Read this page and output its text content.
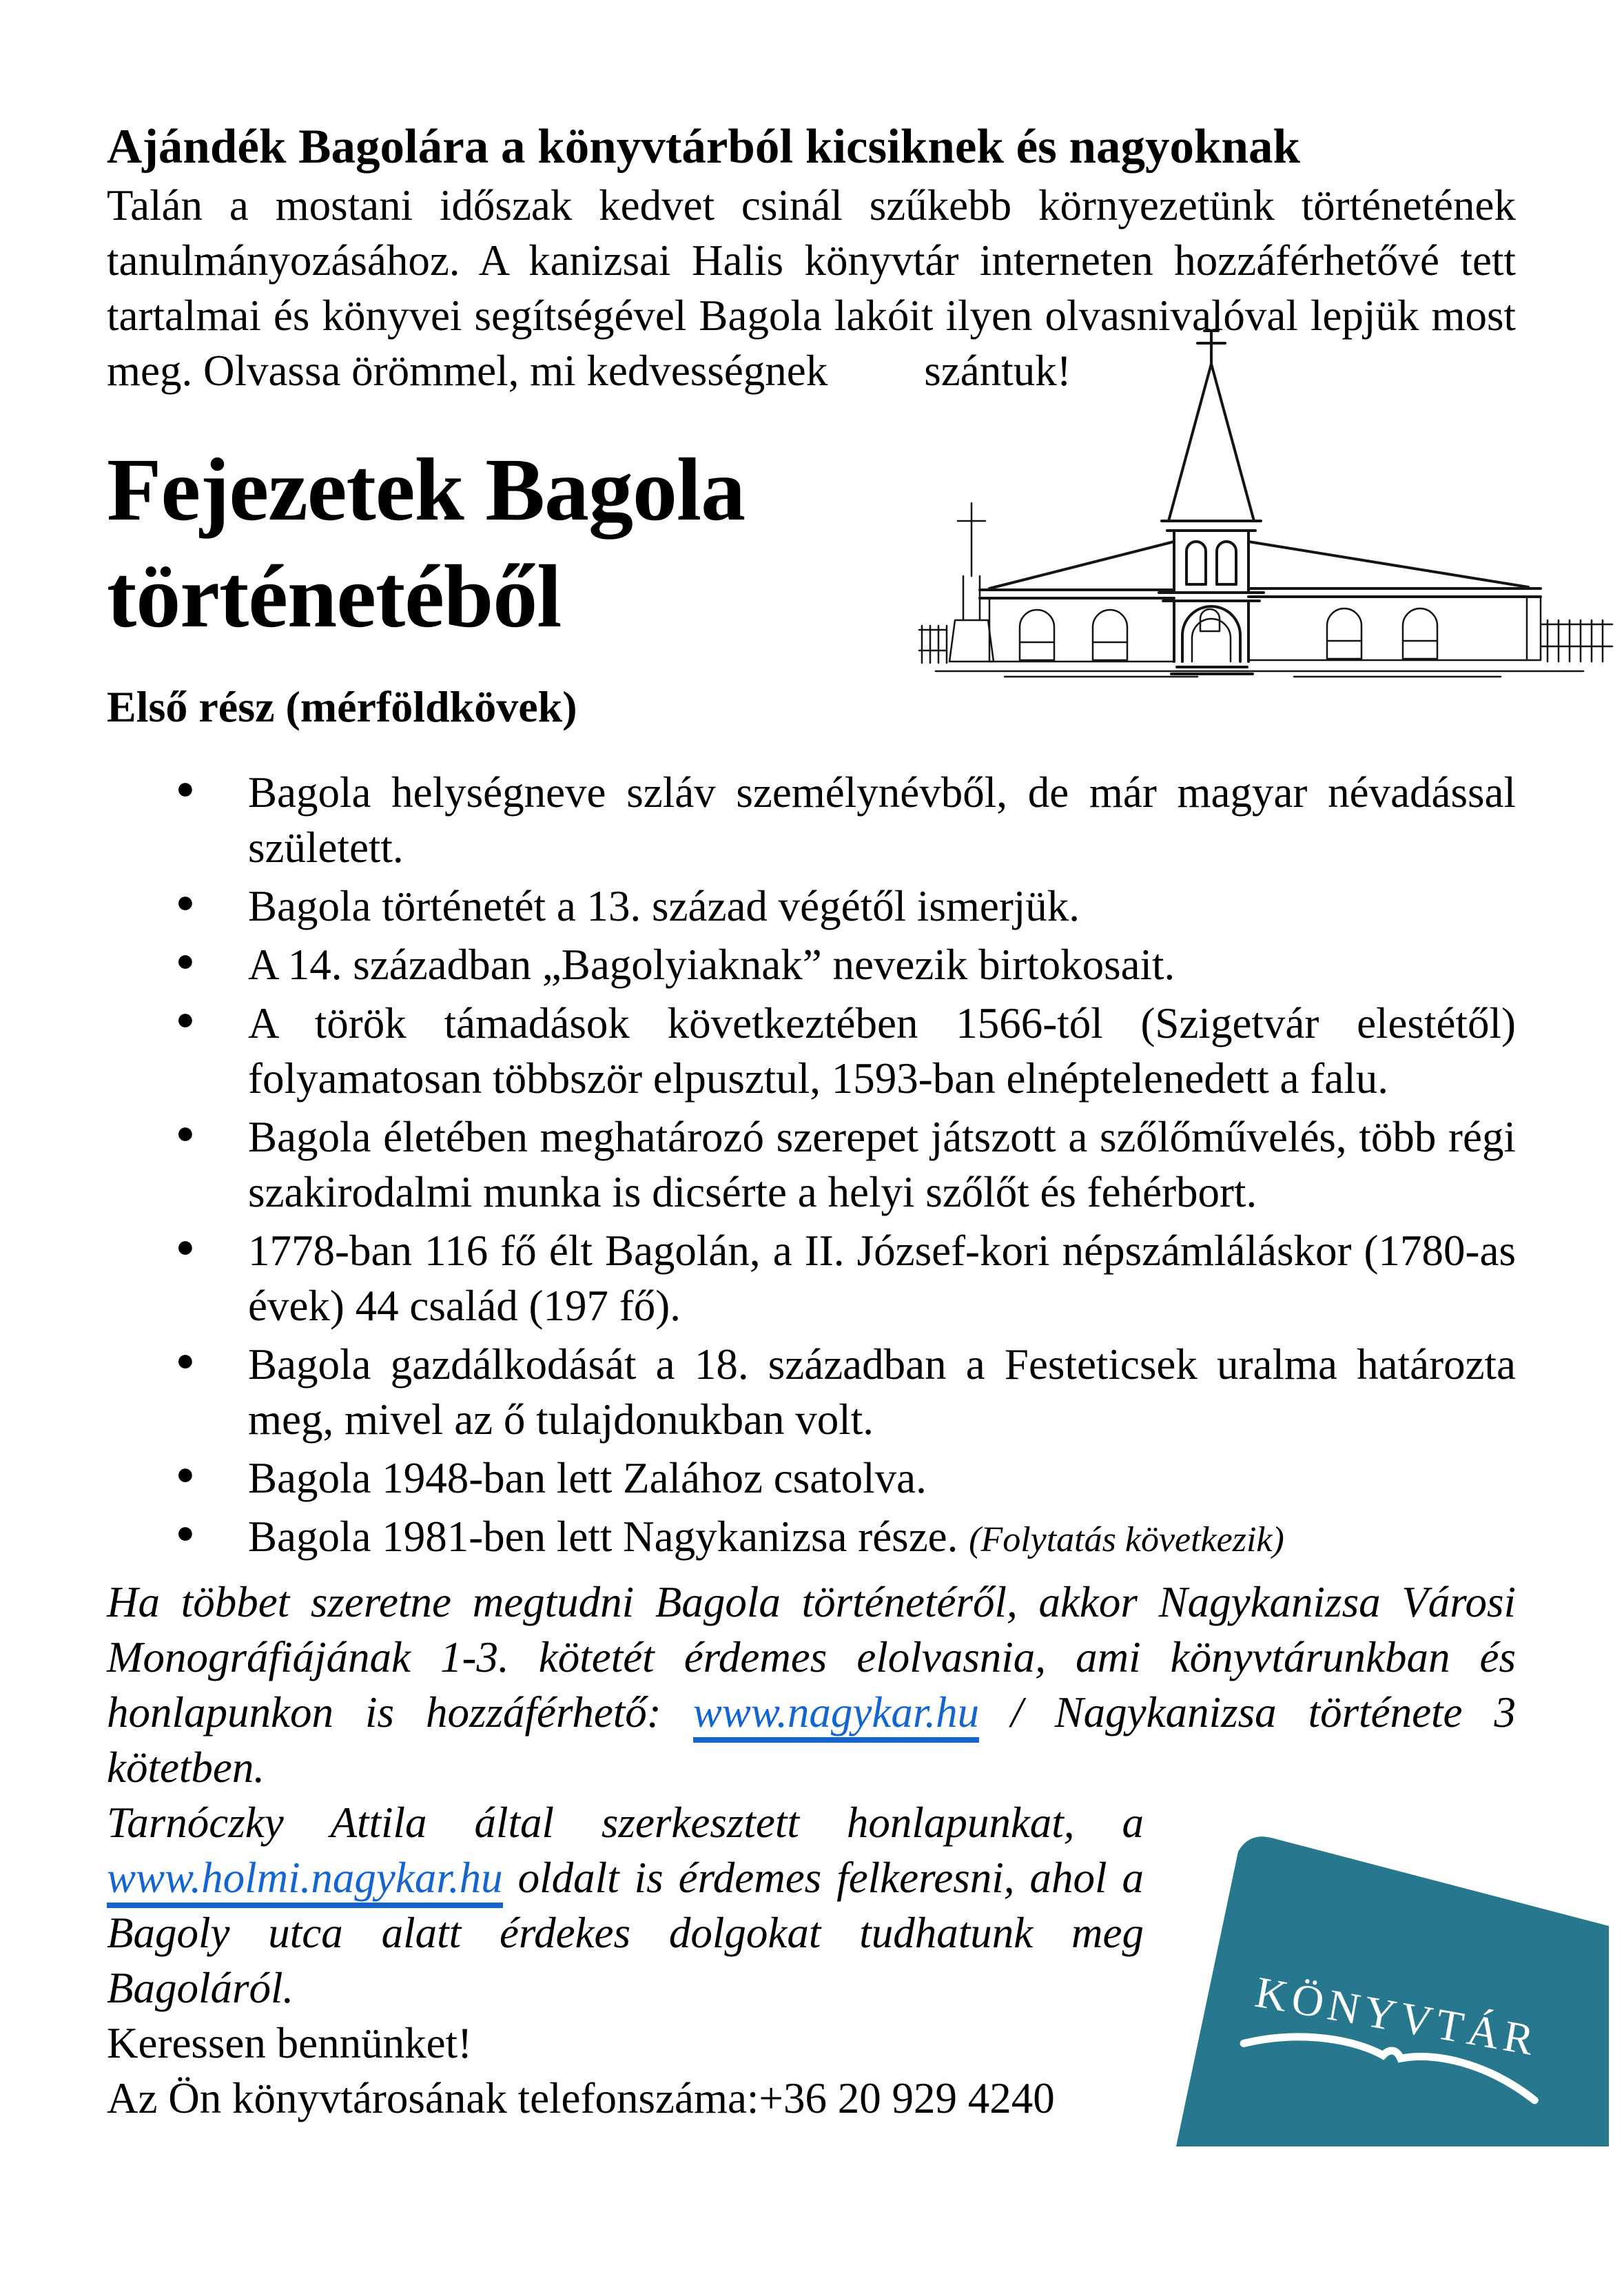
Ajándék Bagolára a könyvtárból kicsiknek és nagyoknak

Talán a mostani időszak kedvet csinál szűkebb környezetünk történetének tanulmányozásához. A kanizsai Halis könyvtár interneten hozzáférhetővé tett tartalmai és könyvei segítségével Bagola lakóit ilyen olvasnivalóval lepjük most meg. Olvassa örömmel, mi kedvességnek szántuk!

Fejezetek Bagola történetéből
Első rész (mérföldkövek)
● Bagola helységneve szláv személynévből, de már magyar névadással született.
● Bagola történetét a 13. század végétől ismerjük.
● A 14. században „Bagolyiaknak” nevezik birtokosait.
● A török támadások következtében 1566-tól (Szigetvár elestétől) folyamatosan többször elpusztul, 1593-ban elnéptelenedett a falu.
● Bagola életében meghatározó szerepet játszott a szőlőművelés, több régi szakirodalmi munka is dicsérte a helyi szőlőt és fehérbort.
● 1778-ban 116 fő élt Bagolán, a II. József-kori népszámláláskor (1780-as évek) 44 család (197 fő).
● Bagola gazdálkodását a 18. században a Festeticsek uralma határozta meg, mivel az ő tulajdonukban volt.
● Bagola 1948-ban lett Zalához csatolva.
● Bagola 1981-ben lett Nagykanizsa része. (Folytatás következik)

Ha többet szeretne megtudni Bagola történetéről, akkor Nagykanizsa Városi Monográfiájának 1-3. kötetét érdemes elolvasnia, ami könyvtárunkban és honlapunkon is hozzáférhető: www.nagykar.hu / Nagykanizsa története 3 kötetben.

KÖNYVTÁR

Tarnóczky Attila által szerkesztett honlapunkat, a www.holmi.nagykar.hu oldalt is érdemes felkeresni, ahol a Bagoly utca alatt érdekes dolgokat tudhatunk meg Bagoláról.

Keressen bennünket!

Az Ön könyvtárosának telefonszáma:+36 20 929 4240
